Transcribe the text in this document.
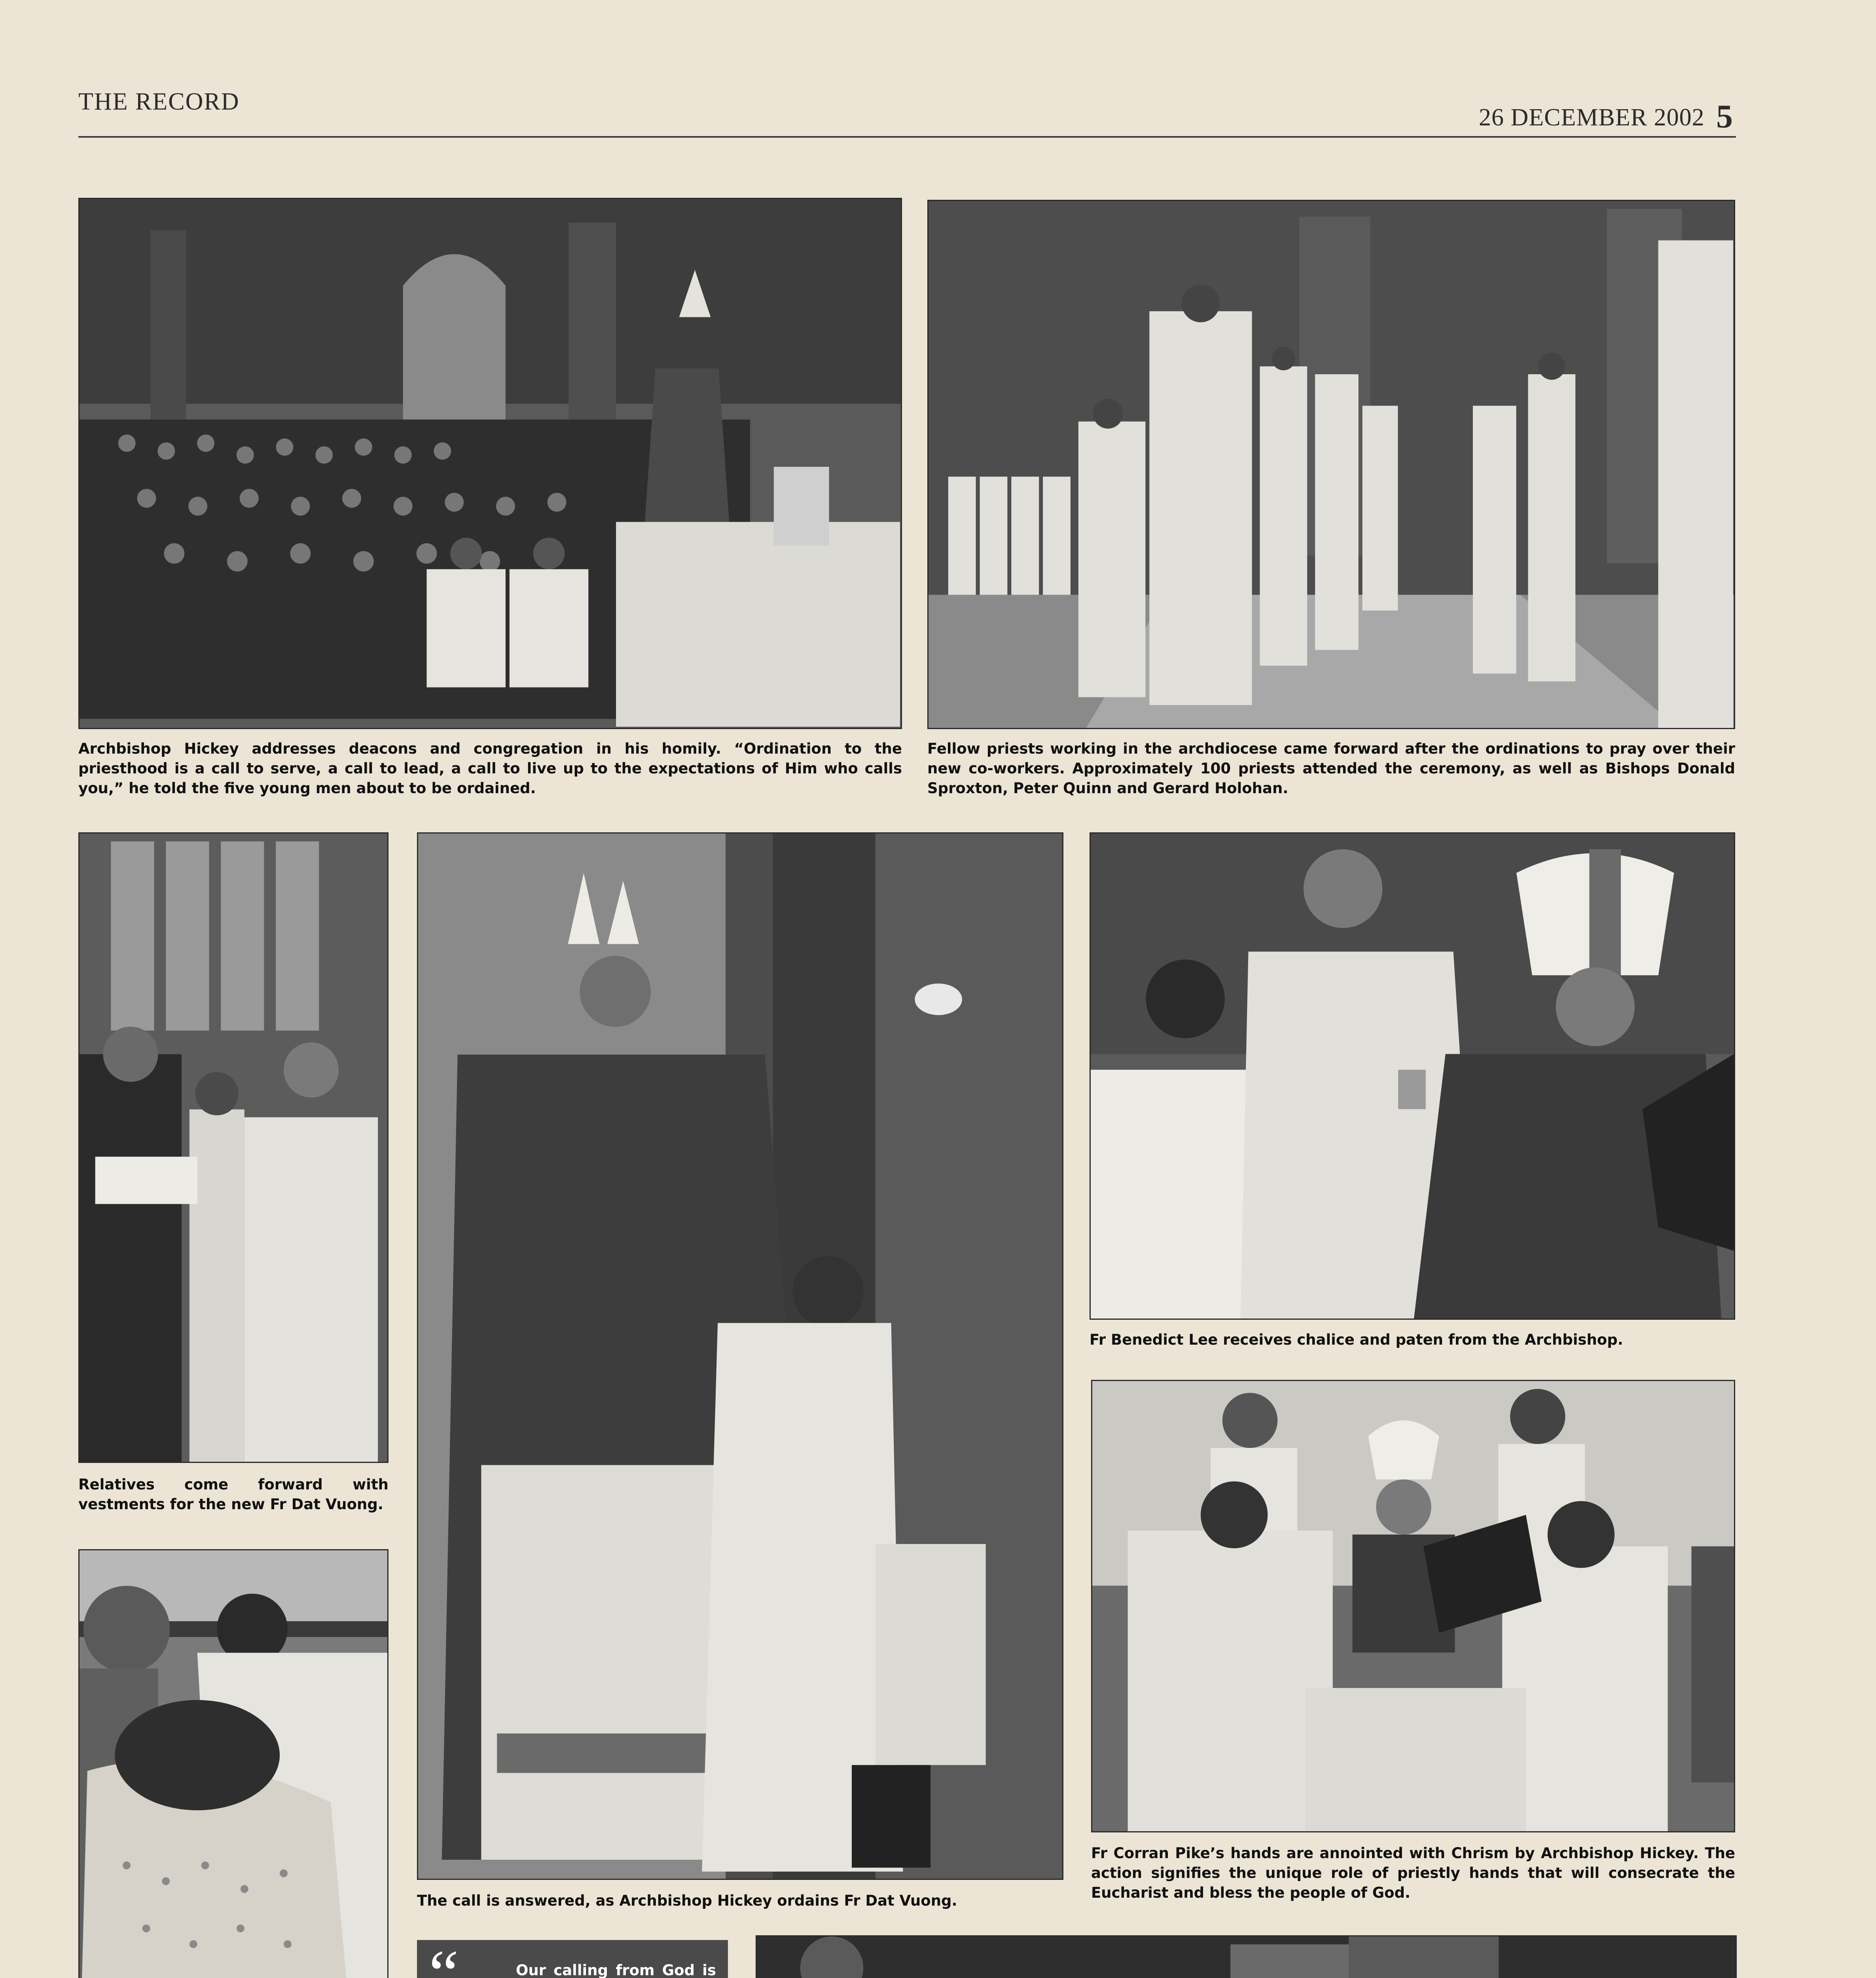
THE RECORD
26 DECEMBER 2002 5
Archbishop Hickey addresses deacons and congregation in his homily. “Ordination to the priesthood is a call to serve, a call to lead, a call to live up to the expectations of Him who calls you,” he told the five young men about to be ordained.
Fellow priests working in the archdiocese came forward after the ordinations to pray over their new co-workers. Approximately 100 priests attended the ceremony, as well as Bishops Donald Sproxton, Peter Quinn and Gerard Holohan.
Relatives come forward with vestments for the new Fr Dat Vuong.
The call is answered, as Archbishop Hickey ordains Fr Dat Vuong.
Fr Benedict Lee receives chalice and paten from the Archbishop.
Fr Corran Pike’s hands are annointed with Chrism by Archbishop Hickey. The action signifies the unique role of priestly hands that will consecrate the Eucharist and bless the people of God.
“	Our calling from God is
